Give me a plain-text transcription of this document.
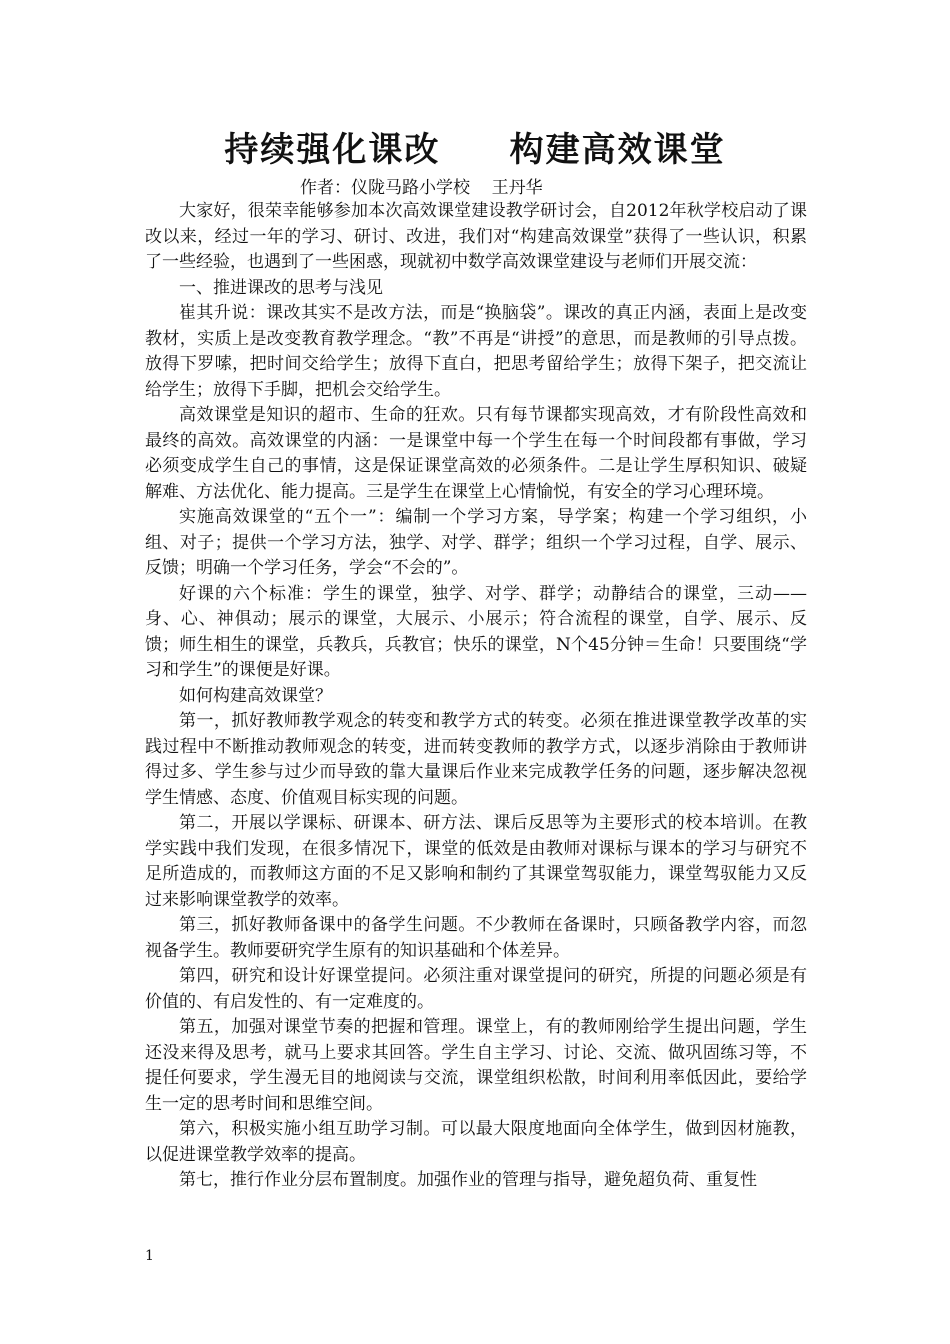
持续强化课改     构建高效课堂
作者：仪陇马路小学校    王丹华

大家好，很荣幸能够参加本次高效课堂建设教学研讨会，自2012年秋学校启动了课改以来，经过一年的学习、研讨、改进，我们对“构建高效课堂”获得了一些认识，积累了一些经验，也遇到了一些困惑，现就初中数学高效课堂建设与老师们开展交流：

一、推进课改的思考与浅见

崔其升说：课改其实不是改方法，而是“换脑袋”。课改的真正内涵，表面上是改变教材，实质上是改变教育教学理念。“教”不再是“讲授”的意思，而是教师的引导点拨。放得下罗嗦，把时间交给学生；放得下直白，把思考留给学生；放得下架子，把交流让给学生；放得下手脚，把机会交给学生。

高效课堂是知识的超市、生命的狂欢。只有每节课都实现高效，才有阶段性高效和最终的高效。高效课堂的内涵：一是课堂中每一个学生在每一个时间段都有事做，学习必须变成学生自己的事情，这是保证课堂高效的必须条件。二是让学生厚积知识、破疑解难、方法优化、能力提高。三是学生在课堂上心情愉悦，有安全的学习心理环境。

实施高效课堂的“五个一”：编制一个学习方案，导学案；构建一个学习组织，小组、对子；提供一个学习方法，独学、对学、群学；组织一个学习过程，自学、展示、反馈；明确一个学习任务，学会“不会的”。

好课的六个标准：学生的课堂，独学、对学、群学；动静结合的课堂，三动——身、心、神俱动；展示的课堂，大展示、小展示；符合流程的课堂，自学、展示、反馈；师生相生的课堂，兵教兵，兵教官；快乐的课堂，N个45分钟＝生命！只要围绕“学习和学生”的课便是好课。

如何构建高效课堂？

第一，抓好教师教学观念的转变和教学方式的转变。必须在推进课堂教学改革的实践过程中不断推动教师观念的转变，进而转变教师的教学方式，以逐步消除由于教师讲得过多、学生参与过少而导致的靠大量课后作业来完成教学任务的问题，逐步解决忽视学生情感、态度、价值观目标实现的问题。

第二，开展以学课标、研课本、研方法、课后反思等为主要形式的校本培训。在教学实践中我们发现，在很多情况下，课堂的低效是由教师对课标与课本的学习与研究不足所造成的，而教师这方面的不足又影响和制约了其课堂驾驭能力，课堂驾驭能力又反过来影响课堂教学的效率。

第三，抓好教师备课中的备学生问题。不少教师在备课时，只顾备教学内容，而忽视备学生。教师要研究学生原有的知识基础和个体差异。

第四，研究和设计好课堂提问。必须注重对课堂提问的研究，所提的问题必须是有价值的、有启发性的、有一定难度的。

第五，加强对课堂节奏的把握和管理。课堂上，有的教师刚给学生提出问题，学生还没来得及思考，就马上要求其回答。学生自主学习、讨论、交流、做巩固练习等，不提任何要求，学生漫无目的地阅读与交流，课堂组织松散，时间利用率低因此，要给学生一定的思考时间和思维空间。

第六，积极实施小组互助学习制。可以最大限度地面向全体学生，做到因材施教，以促进课堂教学效率的提高。

第七，推行作业分层布置制度。加强作业的管理与指导，避免超负荷、重复性

1
